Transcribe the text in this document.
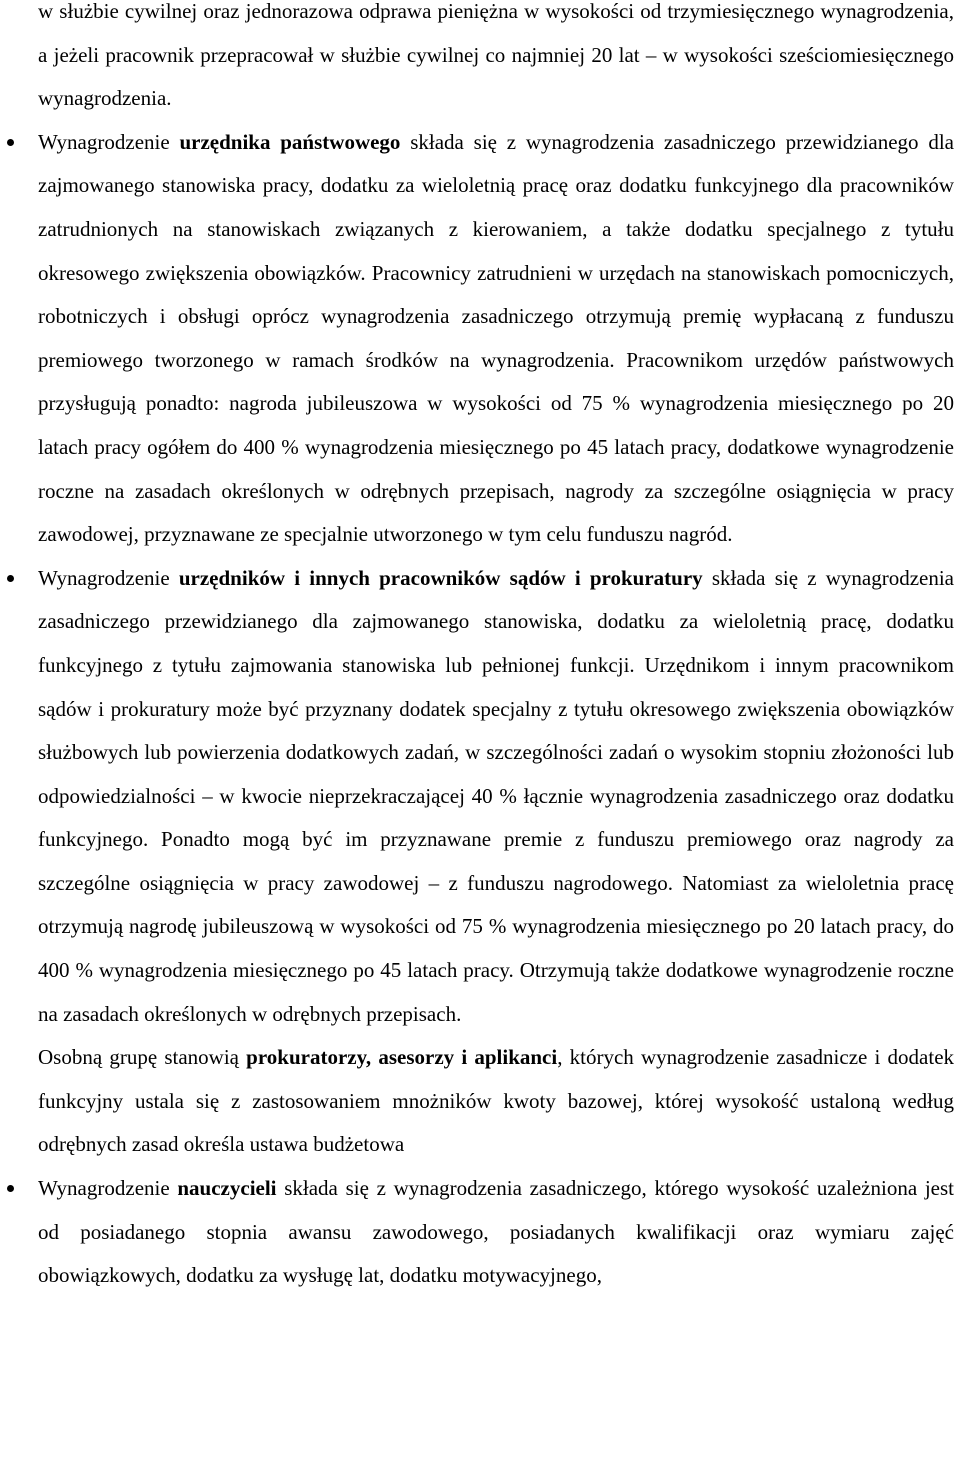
w służbie cywilnej oraz jednorazowa odprawa pieniężna w wysokości od trzymiesięcznego wynagrodzenia, a jeżeli pracownik przepracował w służbie cywilnej co najmniej 20 lat – w wysokości sześciomiesięcznego wynagrodzenia.

Wynagrodzenie urzędnika państwowego składa się z wynagrodzenia zasadniczego przewidzianego dla zajmowanego stanowiska pracy, dodatku za wieloletnią pracę oraz dodatku funkcyjnego dla pracowników zatrudnionych na stanowiskach związanych z kierowaniem, a także dodatku specjalnego z tytułu okresowego zwiększenia obowiązków. Pracownicy zatrudnieni w urzędach na stanowiskach pomocniczych, robotniczych i obsługi oprócz wynagrodzenia zasadniczego otrzymują premię wypłacaną z funduszu premiowego tworzonego w ramach środków na wynagrodzenia. Pracownikom urzędów państwowych przysługują ponadto: nagroda jubileuszowa w wysokości od 75 % wynagrodzenia miesięcznego po 20 latach pracy ogółem do 400 % wynagrodzenia miesięcznego po 45 latach pracy, dodatkowe wynagrodzenie roczne na zasadach określonych w odrębnych przepisach, nagrody za szczególne osiągnięcia w pracy zawodowej, przyznawane ze specjalnie utworzonego w tym celu funduszu nagród.

Wynagrodzenie urzędników i innych pracowników sądów i prokuratury składa się z wynagrodzenia zasadniczego przewidzianego dla zajmowanego stanowiska, dodatku za wieloletnią pracę, dodatku funkcyjnego z tytułu zajmowania stanowiska lub pełnionej funkcji. Urzędnikom i innym pracownikom sądów i prokuratury może być przyznany dodatek specjalny z tytułu okresowego zwiększenia obowiązków służbowych lub powierzenia dodatkowych zadań, w szczególności zadań o wysokim stopniu złożoności lub odpowiedzialności – w kwocie nieprzekraczającej 40 % łącznie wynagrodzenia zasadniczego oraz dodatku funkcyjnego. Ponadto mogą być im przyznawane premie z funduszu premiowego oraz nagrody za szczególne osiągnięcia w pracy zawodowej – z funduszu nagrodowego. Natomiast za wieloletnia pracę otrzymują nagrodę jubileuszową w wysokości od 75 % wynagrodzenia miesięcznego po 20 latach pracy, do 400 % wynagrodzenia miesięcznego po 45 latach pracy. Otrzymują także dodatkowe wynagrodzenie roczne na zasadach określonych w odrębnych przepisach.

Osobną grupę stanowią prokuratorzy, asesorzy i aplikanci, których wynagrodzenie zasadnicze i dodatek funkcyjny ustala się z zastosowaniem mnożników kwoty bazowej, której wysokość ustaloną według odrębnych zasad określa ustawa budżetowa

Wynagrodzenie nauczycieli składa się z wynagrodzenia zasadniczego, którego wysokość uzależniona jest od posiadanego stopnia awansu zawodowego, posiadanych kwalifikacji oraz wymiaru zajęć obowiązkowych, dodatku za wysługę lat, dodatku motywacyjnego,
